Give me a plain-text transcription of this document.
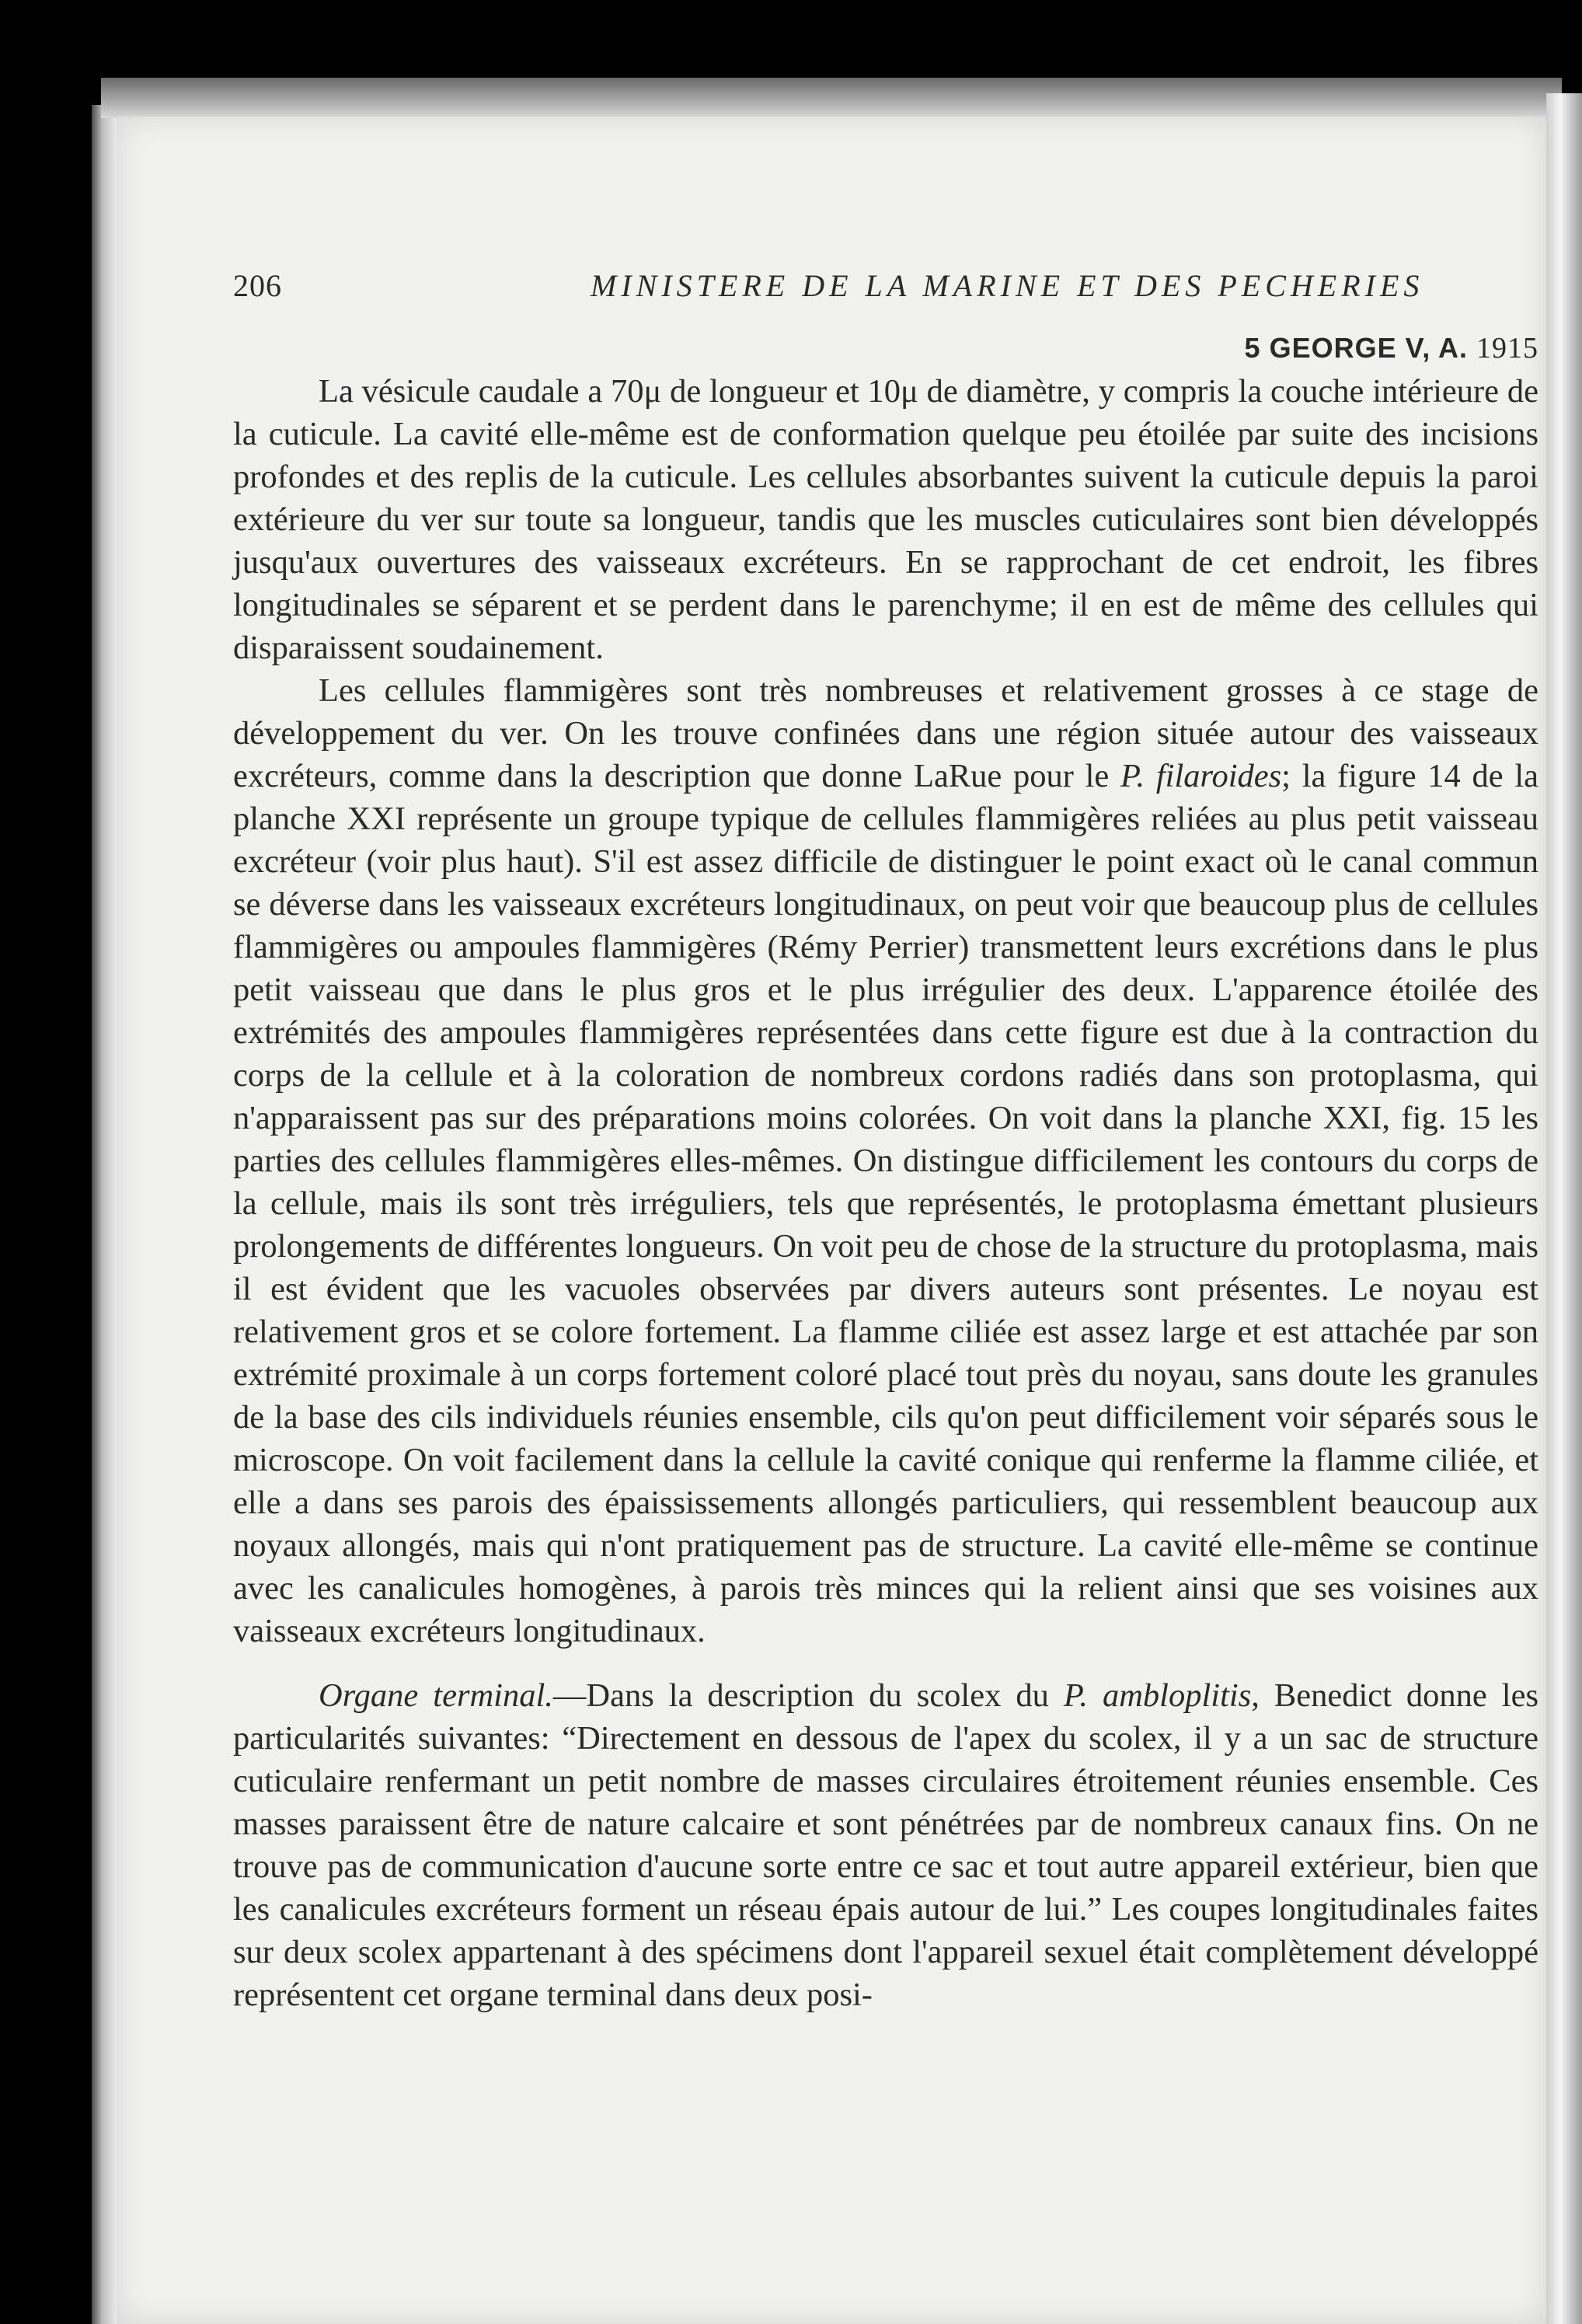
206	MINISTERE DE LA MARINE ET DES PECHERIES
5 GEORGE V, A. 1915

La vésicule caudale a 70μ de longueur et 10μ de diamètre, y compris la couche intérieure de la cuticule. La cavité elle-même est de conformation quelque peu étoilée par suite des incisions profondes et des replis de la cuticule. Les cellules absorbantes suivent la cuticule depuis la paroi extérieure du ver sur toute sa longueur, tandis que les muscles cuticulaires sont bien développés jusqu'aux ouvertures des vaisseaux excréteurs. En se rapprochant de cet endroit, les fibres longitudinales se séparent et se perdent dans le parenchyme; il en est de même des cellules qui disparaissent soudainement.

Les cellules flammigères sont très nombreuses et relativement grosses à ce stage de développement du ver. On les trouve confinées dans une région située autour des vaisseaux excréteurs, comme dans la description que donne LaRue pour le P. filaroides; la figure 14 de la planche XXI représente un groupe typique de cellules flammigères reliées au plus petit vaisseau excréteur (voir plus haut). S'il est assez difficile de distinguer le point exact où le canal commun se déverse dans les vaisseaux excréteurs longitudinaux, on peut voir que beaucoup plus de cellules flammigères ou ampoules flammigères (Rémy Perrier) transmettent leurs excrétions dans le plus petit vaisseau que dans le plus gros et le plus irrégulier des deux. L'apparence étoilée des extrémités des ampoules flammigères représentées dans cette figure est due à la contraction du corps de la cellule et à la coloration de nombreux cordons radiés dans son protoplasma, qui n'apparaissent pas sur des préparations moins colorées. On voit dans la planche XXI, fig. 15 les parties des cellules flammigères elles-mêmes. On distingue difficilement les contours du corps de la cellule, mais ils sont très irréguliers, tels que représentés, le protoplasma émettant plusieurs prolongements de différentes longueurs. On voit peu de chose de la structure du protoplasma, mais il est évident que les vacuoles observées par divers auteurs sont présentes. Le noyau est relativement gros et se colore fortement. La flamme ciliée est assez large et est attachée par son extrémité proximale à un corps fortement coloré placé tout près du noyau, sans doute les granules de la base des cils individuels réunies ensemble, cils qu'on peut difficilement voir séparés sous le microscope. On voit facilement dans la cellule la cavité conique qui renferme la flamme ciliée, et elle a dans ses parois des épaississements allongés particuliers, qui ressemblent beaucoup aux noyaux allongés, mais qui n'ont pratiquement pas de structure. La cavité elle-même se continue avec les canalicules homogènes, à parois très minces qui la relient ainsi que ses voisines aux vaisseaux excréteurs longitudinaux.

Organe terminal.—Dans la description du scolex du P. ambloplitis, Benedict donne les particularités suivantes: “Directement en dessous de l'apex du scolex, il y a un sac de structure cuticulaire renfermant un petit nombre de masses circulaires étroitement réunies ensemble. Ces masses paraissent être de nature calcaire et sont pénétrées par de nombreux canaux fins. On ne trouve pas de communication d'aucune sorte entre ce sac et tout autre appareil extérieur, bien que les canalicules excréteurs forment un réseau épais autour de lui.” Les coupes longitudinales faites sur deux scolex appartenant à des spécimens dont l'appareil sexuel était complètement développé représentent cet organe terminal dans deux posi-
